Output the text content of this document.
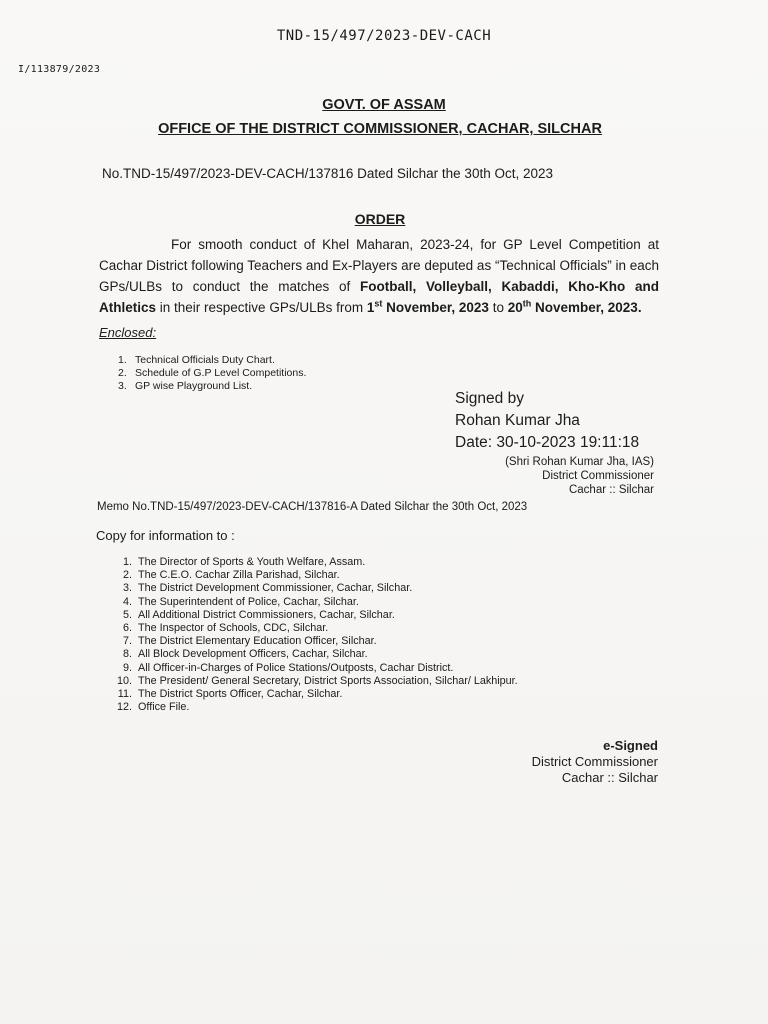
TND-15/497/2023-DEV-CACH
I/113879/2023
GOVT. OF ASSAM
OFFICE OF THE DISTRICT COMMISSIONER, CACHAR, SILCHAR
No.TND-15/497/2023-DEV-CACH/137816 Dated Silchar the 30th Oct, 2023
ORDER
For smooth conduct of Khel Maharan, 2023-24, for GP Level Competition at Cachar District following Teachers and Ex-Players are deputed as “Technical Officials” in each GPs/ULBs to conduct the matches of Football, Volleyball, Kabaddi, Kho-Kho and Athletics in their respective GPs/ULBs from 1st November, 2023 to 20th November, 2023.
Enclosed:
1. Technical Officials Duty Chart.
2. Schedule of G.P Level Competitions.
3. GP wise Playground List.
Signed by
Rohan Kumar Jha
Date: 30-10-2023 19:11:18
(Shri Rohan Kumar Jha, IAS)
District Commissioner
Cachar :: Silchar
Memo No.TND-15/497/2023-DEV-CACH/137816-A Dated Silchar the 30th Oct, 2023
Copy for information to :
1. The Director of Sports & Youth Welfare, Assam.
2. The C.E.O. Cachar Zilla Parishad, Silchar.
3. The District Development Commissioner, Cachar, Silchar.
4. The Superintendent of Police, Cachar, Silchar.
5. All Additional District Commissioners, Cachar, Silchar.
6. The Inspector of Schools, CDC, Silchar.
7. The District Elementary Education Officer, Silchar.
8. All Block Development Officers, Cachar, Silchar.
9. All Officer-in-Charges of Police Stations/Outposts, Cachar District.
10. The President/ General Secretary, District Sports Association, Silchar/ Lakhipur.
11. The District Sports Officer, Cachar, Silchar.
12. Office File.
e-Signed
District Commissioner
Cachar :: Silchar
